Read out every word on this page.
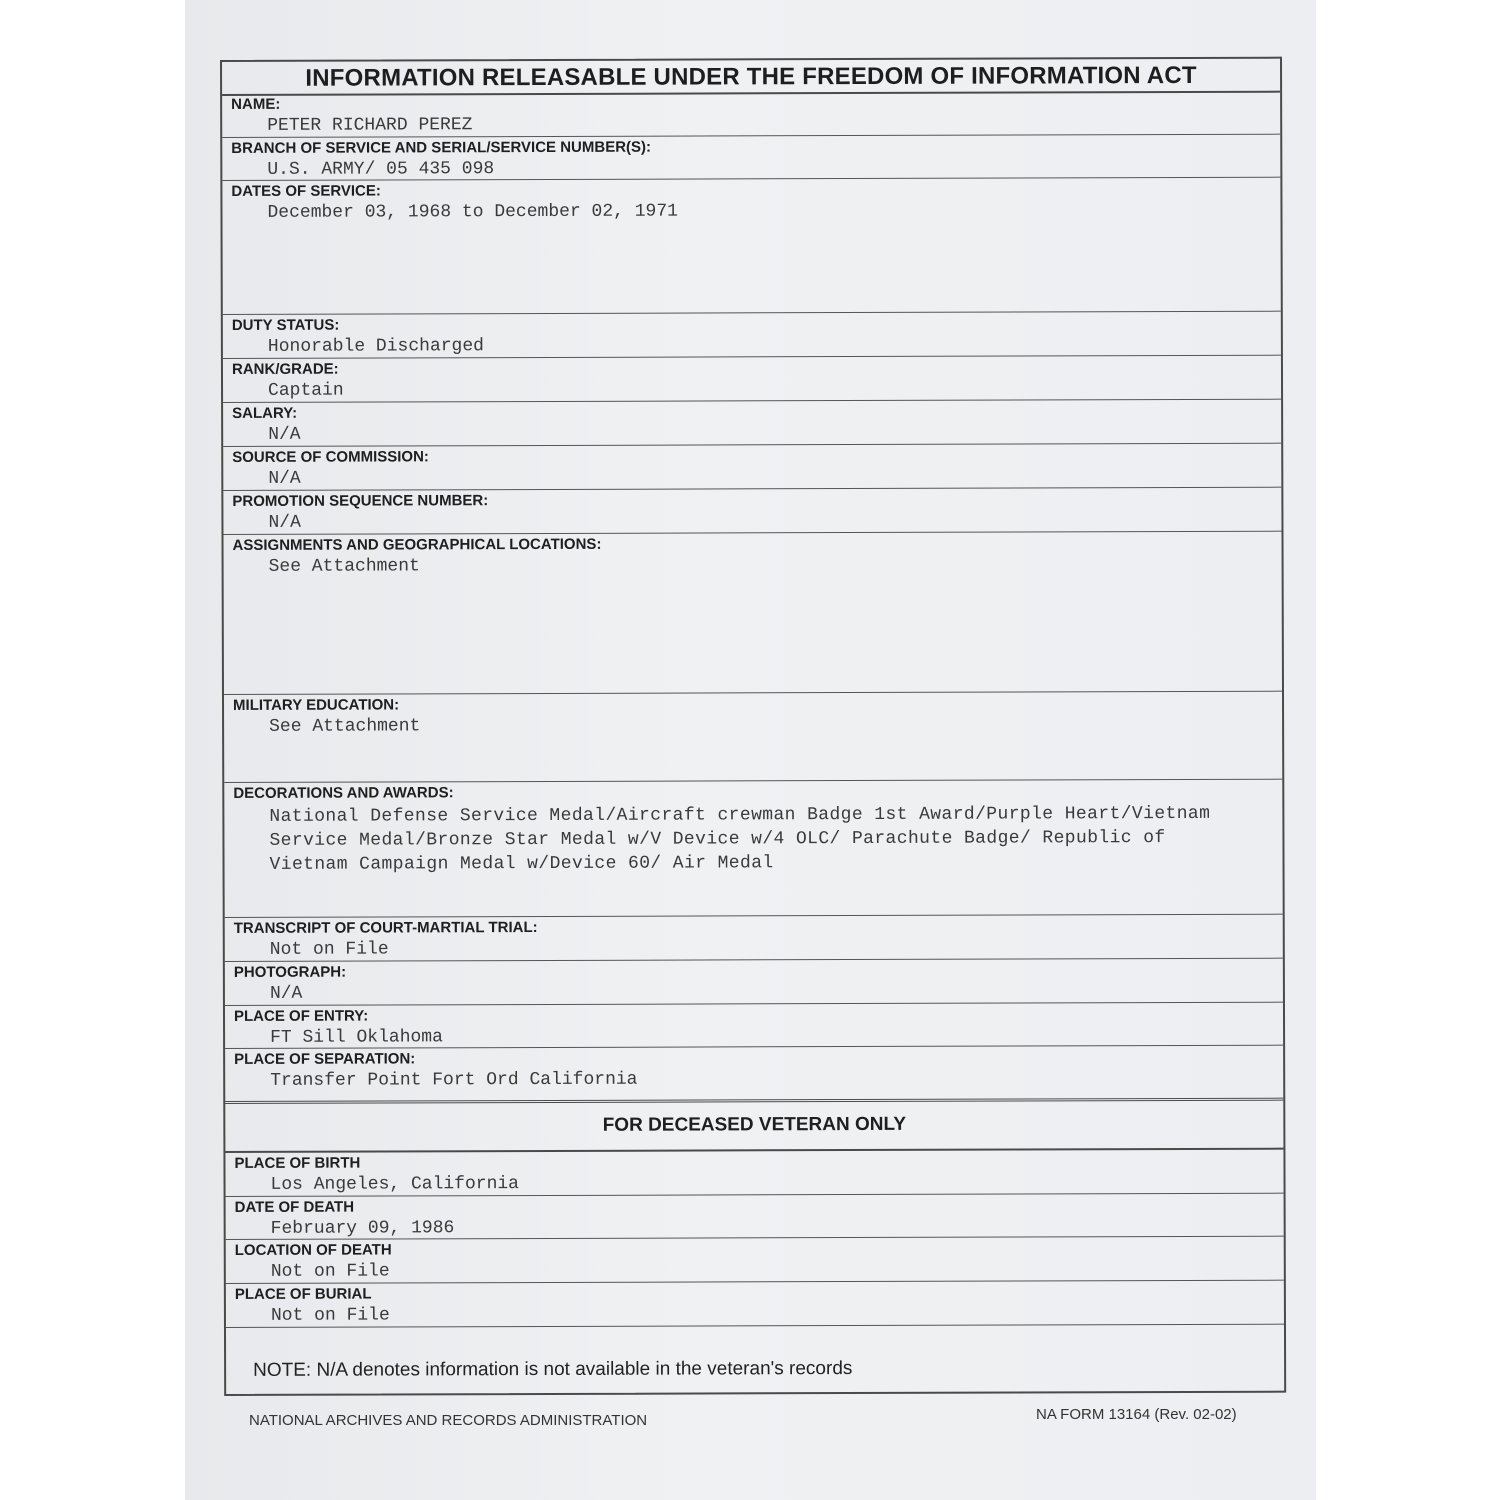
INFORMATION RELEASABLE UNDER THE FREEDOM OF INFORMATION ACT
NAME:
PETER RICHARD PEREZ
BRANCH OF SERVICE AND SERIAL/SERVICE NUMBER(S):
U.S. ARMY/ 05 435 098
DATES OF SERVICE:
December 03, 1968 to December 02, 1971
DUTY STATUS:
Honorable Discharged
RANK/GRADE:
Captain
SALARY:
N/A
SOURCE OF COMMISSION:
N/A
PROMOTION SEQUENCE NUMBER:
N/A
ASSIGNMENTS AND GEOGRAPHICAL LOCATIONS:
See Attachment
MILITARY EDUCATION:
See Attachment
DECORATIONS AND AWARDS:
National Defense Service Medal/Aircraft crewman Badge 1st Award/Purple Heart/Vietnam Service Medal/Bronze Star Medal w/V Device w/4 OLC/ Parachute Badge/ Republic of Vietnam Campaign Medal w/Device 60/ Air Medal
TRANSCRIPT OF COURT-MARTIAL TRIAL:
Not on File
PHOTOGRAPH:
N/A
PLACE OF ENTRY:
FT Sill Oklahoma
PLACE OF SEPARATION:
Transfer Point Fort Ord California
FOR DECEASED VETERAN ONLY
PLACE OF BIRTH
Los Angeles, California
DATE OF DEATH
February 09, 1986
LOCATION OF DEATH
Not on File
PLACE OF BURIAL
Not on File
NOTE: N/A denotes information is not available in the veteran's records
NATIONAL ARCHIVES AND RECORDS ADMINISTRATION	NA FORM 13164 (Rev. 02-02)
